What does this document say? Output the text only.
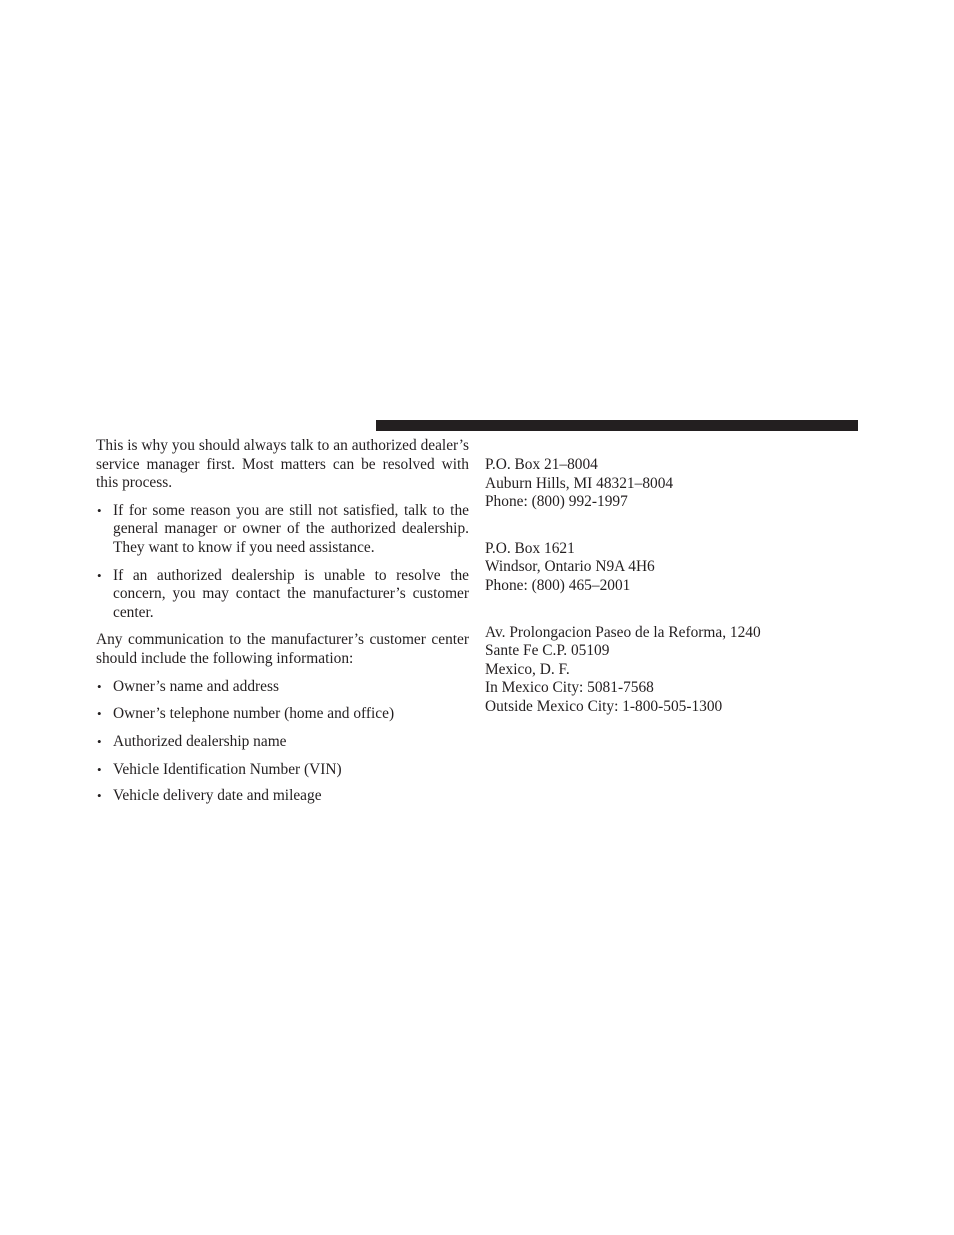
This is why you should always talk to an authorized dealer’s service manager first. Most matters can be resolved with this process.

• If for some reason you are still not satisfied, talk to the general manager or owner of the authorized dealership. They want to know if you need assistance.
• If an authorized dealership is unable to resolve the concern, you may contact the manufacturer’s customer center.

Any communication to the manufacturer’s customer center should include the following information:

• Owner’s name and address
• Owner’s telephone number (home and office)
• Authorized dealership name
• Vehicle Identification Number (VIN)
• Vehicle delivery date and mileage
P.O. Box 21–8004
Auburn Hills, MI 48321–8004
Phone: (800) 992-1997
P.O. Box 1621
Windsor, Ontario N9A 4H6
Phone: (800) 465–2001
Av. Prolongacion Paseo de la Reforma, 1240
Sante Fe C.P. 05109
Mexico, D. F.
In Mexico City: 5081-7568
Outside Mexico City: 1-800-505-1300
